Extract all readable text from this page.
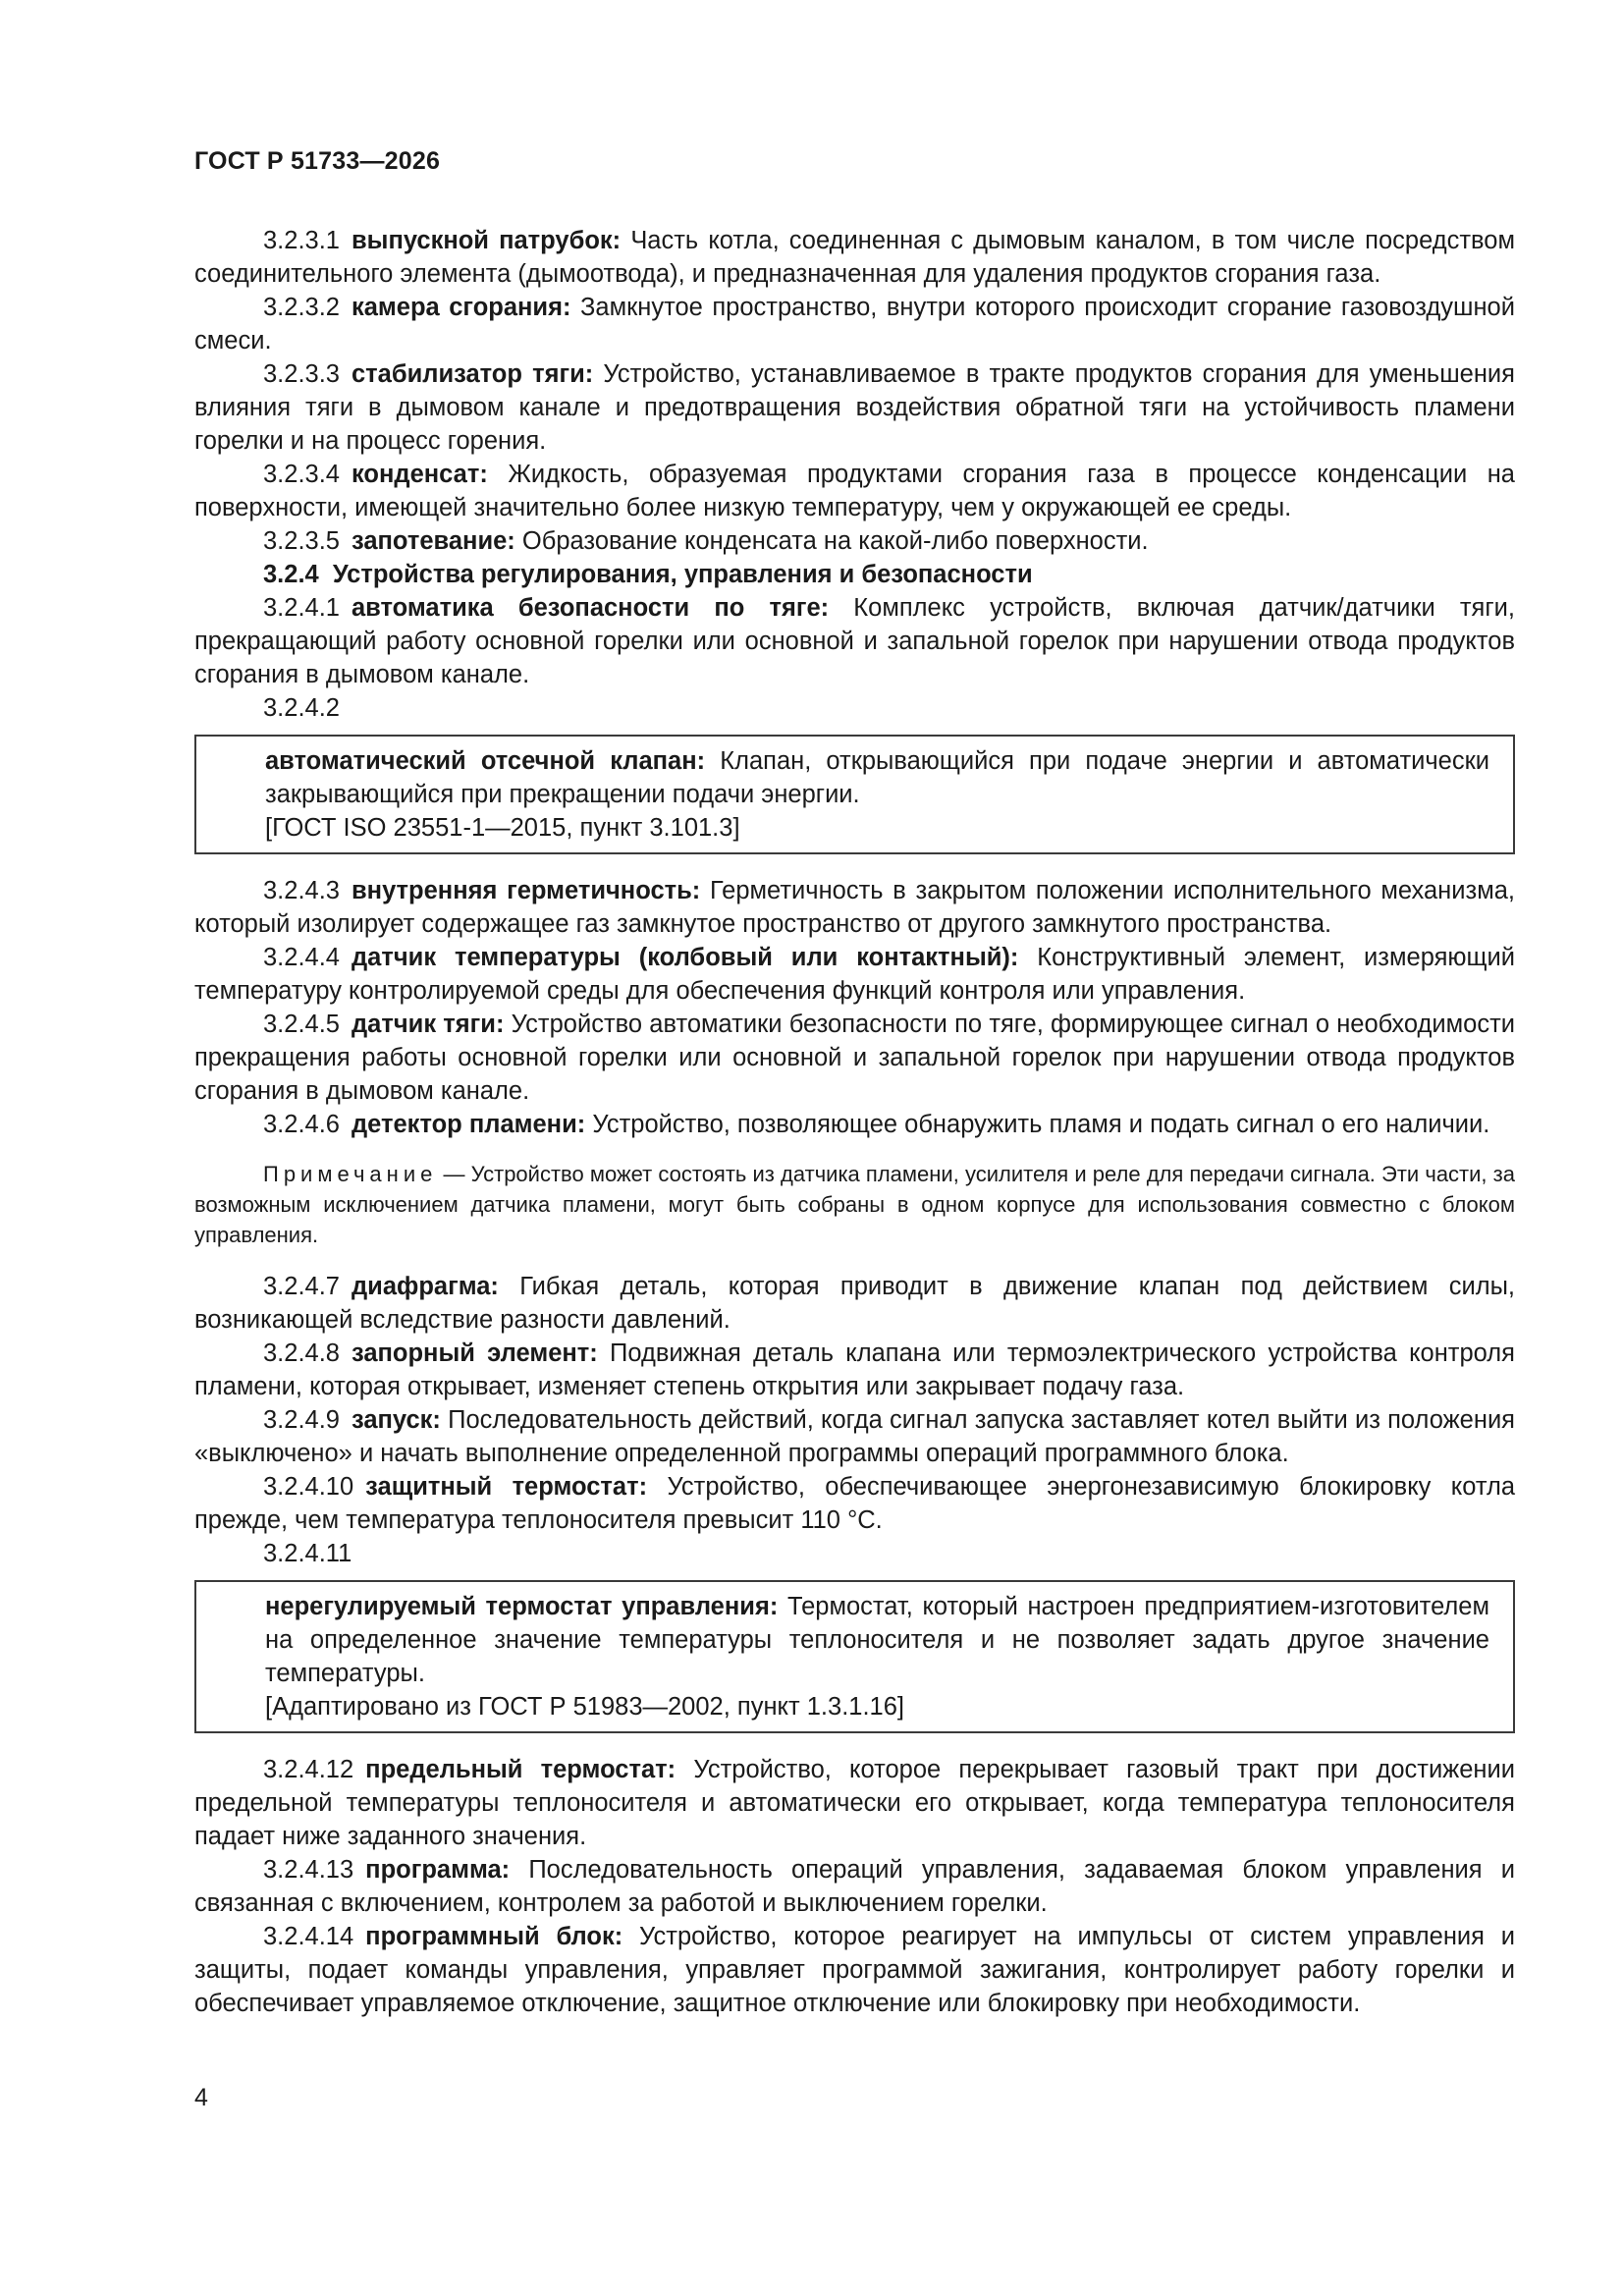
ГОСТ Р 51733—2026

3.2.3.1 выпускной патрубок: Часть котла, соединенная с дымовым каналом, в том числе посредством соединительного элемента (дымоотвода), и предназначенная для удаления продуктов сгорания газа.

3.2.3.2 камера сгорания: Замкнутое пространство, внутри которого происходит сгорание газовоздушной смеси.

3.2.3.3 стабилизатор тяги: Устройство, устанавливаемое в тракте продуктов сгорания для уменьшения влияния тяги в дымовом канале и предотвращения воздействия обратной тяги на устойчивость пламени горелки и на процесс горения.

3.2.3.4 конденсат: Жидкость, образуемая продуктами сгорания газа в процессе конденсации на поверхности, имеющей значительно более низкую температуру, чем у окружающей ее среды.

3.2.3.5 запотевание: Образование конденсата на какой-либо поверхности.

3.2.4 Устройства регулирования, управления и безопасности

3.2.4.1 автоматика безопасности по тяге: Комплекс устройств, включая датчик/датчики тяги, прекращающий работу основной горелки или основной и запальной горелок при нарушении отвода продуктов сгорания в дымовом канале.

3.2.4.2

автоматический отсечной клапан: Клапан, открывающийся при подаче энергии и автоматически закрывающийся при прекращении подачи энергии.

[ГОСТ ISO 23551-1—2015, пункт 3.101.3]

3.2.4.3 внутренняя герметичность: Герметичность в закрытом положении исполнительного механизма, который изолирует содержащее газ замкнутое пространство от другого замкнутого пространства.

3.2.4.4 датчик температуры (колбовый или контактный): Конструктивный элемент, измеряющий температуру контролируемой среды для обеспечения функций контроля или управления.

3.2.4.5 датчик тяги: Устройство автоматики безопасности по тяге, формирующее сигнал о необходимости прекращения работы основной горелки или основной и запальной горелок при нарушении отвода продуктов сгорания в дымовом канале.

3.2.4.6 детектор пламени: Устройство, позволяющее обнаружить пламя и подать сигнал о его наличии.

Примечание — Устройство может состоять из датчика пламени, усилителя и реле для передачи сигнала. Эти части, за возможным исключением датчика пламени, могут быть собраны в одном корпусе для использования совместно с блоком управления.

3.2.4.7 диафрагма: Гибкая деталь, которая приводит в движение клапан под действием силы, возникающей вследствие разности давлений.

3.2.4.8 запорный элемент: Подвижная деталь клапана или термоэлектрического устройства контроля пламени, которая открывает, изменяет степень открытия или закрывает подачу газа.

3.2.4.9 запуск: Последовательность действий, когда сигнал запуска заставляет котел выйти из положения «выключено» и начать выполнение определенной программы операций программного блока.

3.2.4.10 защитный термостат: Устройство, обеспечивающее энергонезависимую блокировку котла прежде, чем температура теплоносителя превысит 110 °С.

3.2.4.11

нерегулируемый термостат управления: Термостат, который настроен предприятием-изготовителем на определенное значение температуры теплоносителя и не позволяет задать другое значение температуры.

[Адаптировано из ГОСТ Р 51983—2002, пункт 1.3.1.16]

3.2.4.12 предельный термостат: Устройство, которое перекрывает газовый тракт при достижении предельной температуры теплоносителя и автоматически его открывает, когда температура теплоносителя падает ниже заданного значения.

3.2.4.13 программа: Последовательность операций управления, задаваемая блоком управления и связанная с включением, контролем за работой и выключением горелки.

3.2.4.14 программный блок: Устройство, которое реагирует на импульсы от систем управления и защиты, подает команды управления, управляет программой зажигания, контролирует работу горелки и обеспечивает управляемое отключение, защитное отключение или блокировку при необходимости.

4
